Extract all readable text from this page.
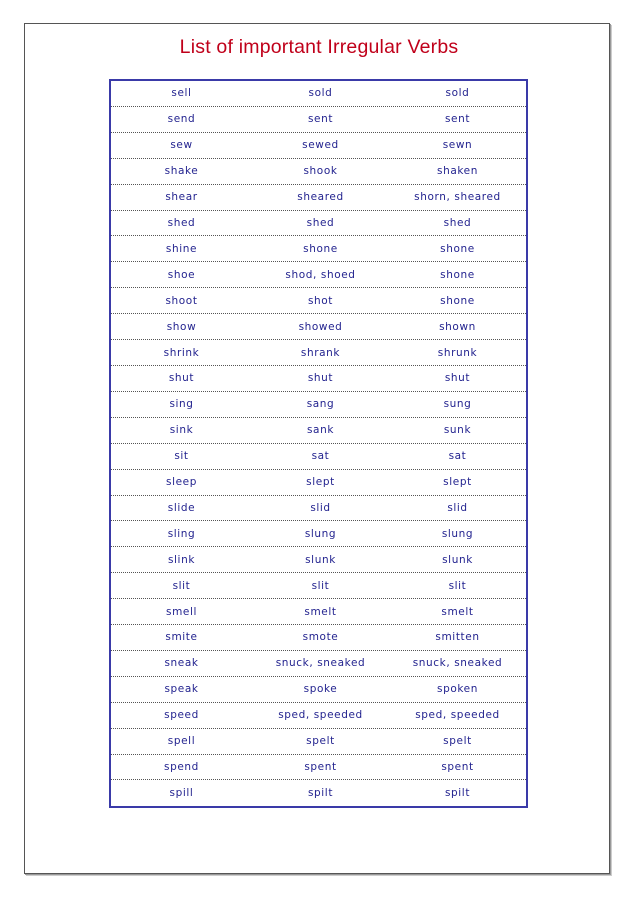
List of important Irregular Verbs
sell	sold	sold
send	sent	sent
sew	sewed	sewn
shake	shook	shaken
shear	sheared	shorn, sheared
shed	shed	shed
shine	shone	shone
shoe	shod, shoed	shone
shoot	shot	shone
show	showed	shown
shrink	shrank	shrunk
shut	shut	shut
sing	sang	sung
sink	sank	sunk
sit	sat	sat
sleep	slept	slept
slide	slid	slid
sling	slung	slung
slink	slunk	slunk
slit	slit	slit
smell	smelt	smelt
smite	smote	smitten
sneak	snuck, sneaked	snuck, sneaked
speak	spoke	spoken
speed	sped, speeded	sped, speeded
spell	spelt	spelt
spend	spent	spent
spill	spilt	spilt
